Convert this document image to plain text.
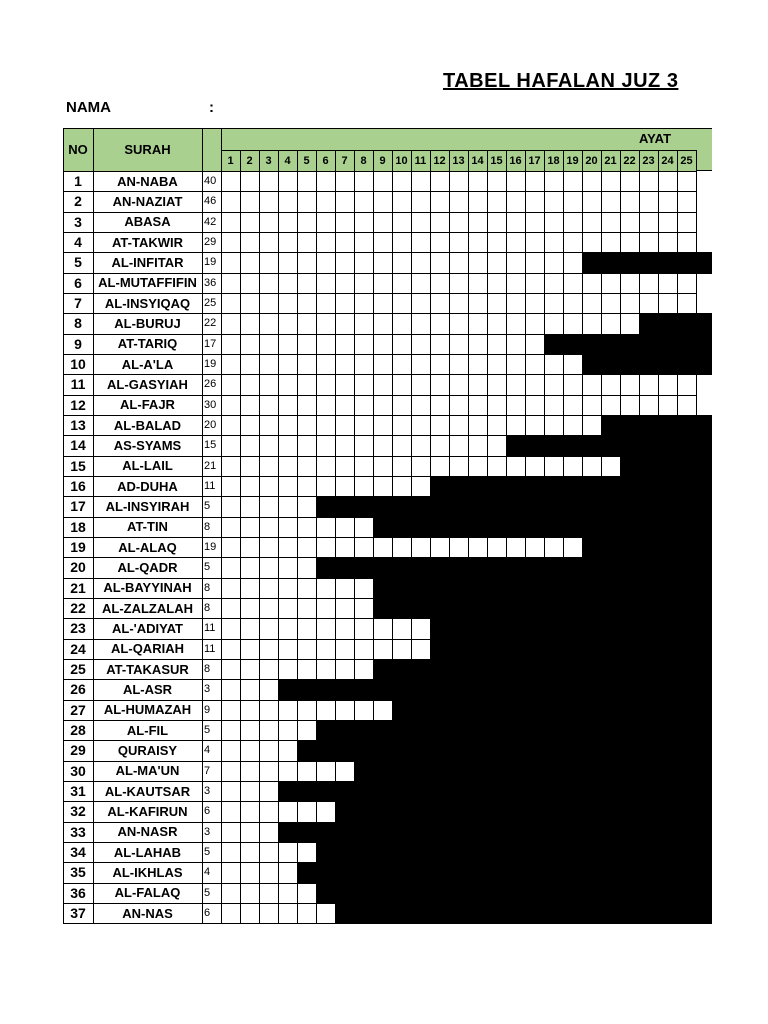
TABEL HAFALAN JUZ 3
NAMA	:
NO	SURAH
AYAT
1	2	3	4	5	6	7	8	9 10 11 12 13 14 15 16 17 18 19 20 21 22 23 24 25
1	AN-NABA	40
2	AN-NAZIAT	46
3	ABASA	42
4	AT-TAKWIR	29
5	AL-INFITAR	19
6	AL-MUTAFFIFIN 36
7	AL-INSYIQAQ	25
8	AL-BURUJ	22
9	AT-TARIQ	17
10	AL-A'LA	19
11	AL-GASYIAH	26
12	AL-FAJR	30
13	AL-BALAD	20
14	AS-SYAMS	15
15	AL-LAIL	21
16	AD-DUHA	11
17	AL-INSYIRAH	5
18	AT-TIN	8
19	AL-ALAQ	19
20	AL-QADR	5
21	AL-BAYYINAH	8
22	AL-ZALZALAH	8
23	AL-'ADIYAT	11
24	AL-QARIAH	11
25	AT-TAKASUR	8
26	AL-ASR	3
27	AL-HUMAZAH	9
28	AL-FIL	5
29	QURAISY	4
30	AL-MA'UN	7
31	AL-KAUTSAR	3
32	AL-KAFIRUN	6
33	AN-NASR	3
34	AL-LAHAB	5
35	AL-IKHLAS	4
36	AL-FALAQ	5
37	AN-NAS	6
